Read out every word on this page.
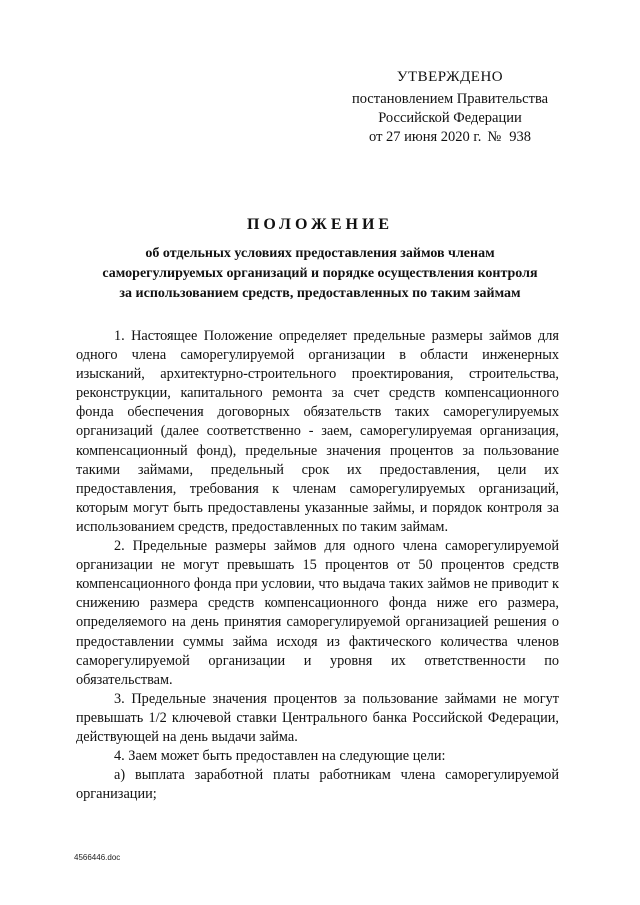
УТВЕРЖДЕНО
постановлением Правительства
Российской Федерации
от 27 июня 2020 г. № 938
ПОЛОЖЕНИЕ
об отдельных условиях предоставления займов членам
саморегулируемых организаций и порядке осуществления контроля
за использованием средств, предоставленных по таким займам

1. Настоящее Положение определяет предельные размеры займов для одного члена саморегулируемой организации в области инженерных изысканий, архитектурно-строительного проектирования, строительства, реконструкции, капитального ремонта за счет средств компенсационного фонда обеспечения договорных обязательств таких саморегулируемых организаций (далее соответственно - заем, саморегулируемая организация, компенсационный фонд), предельные значения процентов за пользование такими займами, предельный срок их предоставления, цели их предоставления, требования к членам саморегулируемых организаций, которым могут быть предоставлены указанные займы, и порядок контроля за использованием средств, предоставленных по таким займам.

2. Предельные размеры займов для одного члена саморегулируемой организации не могут превышать 15 процентов от 50 процентов средств компенсационного фонда при условии, что выдача таких займов не приводит к снижению размера средств компенсационного фонда ниже его размера, определяемого на день принятия саморегулируемой организацией решения о предоставлении суммы займа исходя из фактического количества членов саморегулируемой организации и уровня их ответственности по обязательствам.

3. Предельные значения процентов за пользование займами не могут превышать 1/2 ключевой ставки Центрального банка Российской Федерации, действующей на день выдачи займа.

4. Заем может быть предоставлен на следующие цели:

а) выплата заработной платы работникам члена саморегулируемой организации;

4566446.doc
